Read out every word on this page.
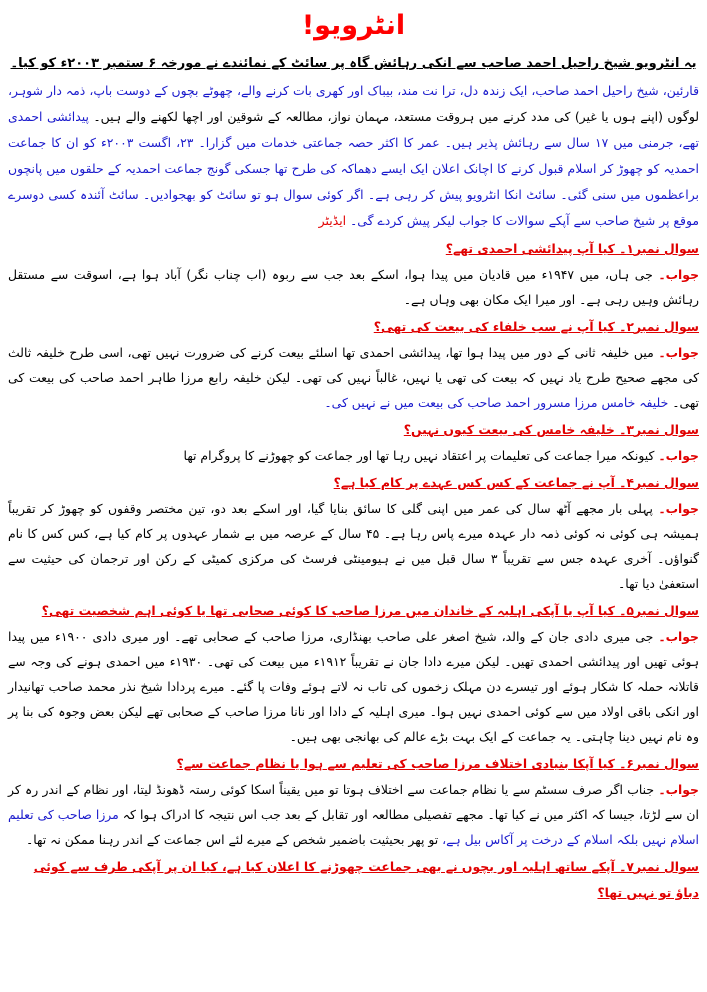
انٹرویو!

یہ انٹرویو شیخ راحیل احمد صاحب سے انکی رہائش گاہ پر سائٹ کے نمائندے نے مورخہ ۶ ستمبر ۲۰۰۳ء کو کیا۔

قارئین، شیخ راحیل احمد صاحب، ایک زندہ دل، ترا نت مند، بیباک اور کھری بات کرنے والے، چھوٹے بچوں کے دوست باپ، ذمہ دار شوہر، لوگوں (اپنے ہوں یا غیر) کی مدد کرنے میں ہروقت مستعد، مہمان نواز، مطالعہ کے شوقین اور اچھا لکھنے والے ہیں۔ پیدائشی احمدی تھے، جرمنی میں ۱۷ سال سے رہائش پذیر ہیں۔ عمر کا اکثر حصہ جماعتی خدمات میں گزارا۔ ۲۳، اگست ۲۰۰۳ء کو ان کا جماعت احمدیہ کو چھوڑ کر اسلام قبول کرنے کا اچانک اعلان ایک ایسے دھماکہ کی طرح تھا جسکی گونج جماعت احمدیہ کے حلقوں میں پانچوں براعظموں میں سنی گئی۔ سائٹ انکا انٹرویو پیش کر رہی ہے۔ اگر کوئی سوال ہو تو سائٹ کو بھجوادیں۔ سائٹ آئندہ کسی دوسرے موقع پر شیخ صاحب سے آپکے سوالات کا جواب لیکر پیش کردے گی۔ ایڈیٹر

سوال نمبر۱۔ کیا آپ پیدائشی احمدی تھے؟

جواب۔ جی ہاں، میں ۱۹۴۷ء میں قادیان میں پیدا ہوا، اسکے بعد جب سے ربوہ (اب چناب نگر) آباد ہوا ہے، اسوقت سے مستقل رہائش وہیں رہی ہے۔ اور میرا ایک مکان بھی وہاں ہے۔

سوال نمبر۲۔ کیا آپ نے سب خلفاء کی بیعت کی تھی؟

جواب۔ میں خلیفہ ثانی کے دور میں پیدا ہوا تھا، پیدائشی احمدی تھا اسلئے بیعت کرنے کی ضرورت نہیں تھی، اسی طرح خلیفہ ثالث کی مجھے صحیح طرح یاد نہیں کہ بیعت کی تھی یا نہیں، غالباً نہیں کی تھی۔ لیکن خلیفہ رابع مرزا طاہر احمد صاحب کی بیعت کی تھی۔ خلیفہ خامس مرزا مسرور احمد صاحب کی بیعت میں نے نہیں کی۔

سوال نمبر۳۔ خلیفہ خامس کی بیعت کیوں نہیں؟

جواب۔ کیونکہ میرا جماعت کی تعلیمات پر اعتقاد نہیں رہا تھا اور جماعت کو چھوڑنے کا پروگرام تھا

سوال نمبر۴۔ آپ نے جماعت کے کس کس عہدے پر کام کیا ہے؟

جواب۔ پہلی بار مجھے آٹھ سال کی عمر میں اپنی گلی کا سائق بنایا گیا، اور اسکے بعد دو، تین مختصر وقفوں کو چھوڑ کر تقریباً ہمیشہ ہی کوئی نہ کوئی ذمہ دار عہدہ میرے پاس رہا ہے۔ ۴۵ سال کے عرصہ میں بے شمار عہدوں پر کام کیا ہے، کس کس کا نام گنواؤں۔ آخری عہدہ جس سے تقریباً ۳ سال قبل میں نے ہیومینٹی فرسٹ کی مرکزی کمیٹی کے رکن اور ترجمان کی حیثیت سے استعفیٰ دیا تھا۔

سوال نمبر۵۔ کیا آپ یا آپکی اہلیہ کے خاندان میں مرزا صاحب کا کوئی صحابی تھا یا کوئی اہم شخصیت تھی؟

جواب۔ جی میری دادی جان کے والد، شیخ اصغر علی صاحب بھنڈاری، مرزا صاحب کے صحابی تھے۔ اور میری دادی ۱۹۰۰ء میں پیدا ہوئی تھیں اور پیدائشی احمدی تھیں۔ لیکن میرے دادا جان نے تقریباً ۱۹۱۲ء میں بیعت کی تھی۔ ۱۹۳۰ء میں احمدی ہونے کی وجہ سے قاتلانہ حملہ کا شکار ہوئے اور تیسرے دن مہلک زخموں کی تاب نہ لاتے ہوئے وفات پا گئے۔ میرے پردادا شیخ نذر محمد صاحب تھانیدار اور انکی باقی اولاد میں سے کوئی احمدی نہیں ہوا۔ میری اہلیہ کے دادا اور نانا مرزا صاحب کے صحابی تھے لیکن بعض وجوہ کی بنا پر وہ نام نہیں دینا چاہتی۔ یہ جماعت کے ایک بہت بڑے عالم کی بھانجی بھی ہیں۔

سوال نمبر۶۔ کیا آپکا بنیادی اختلاف مرزا صاحب کی تعلیم سے ہوا یا نظام جماعت سے؟

جواب۔ جناب اگر صرف سسٹم سے یا نظام جماعت سے اختلاف ہوتا تو میں یقیناً اسکا کوئی رستہ ڈھونڈ لیتا، اور نظام کے اندر رہ کر ان سے لڑتا، جیسا کہ اکثر میں نے کیا تھا۔ مجھے تفصیلی مطالعہ اور تقابل کے بعد جب اس نتیجہ کا ادراک ہوا کہ مرزا صاحب کی تعلیم اسلام نہیں بلکہ اسلام کے درخت پر آکاس بیل ہے، تو پھر بحیثیت باضمیر شخص کے میرے لئے اس جماعت کے اندر رہنا ممکن نہ تھا۔

سوال نمبر۷۔ آپکے ساتھ اہلیہ اور بچوں نے بھی جماعت چھوڑنے کا اعلان کیا ہے، کیا ان پر آپکی طرف سے کوئی دباؤ تو نہیں تھا؟
